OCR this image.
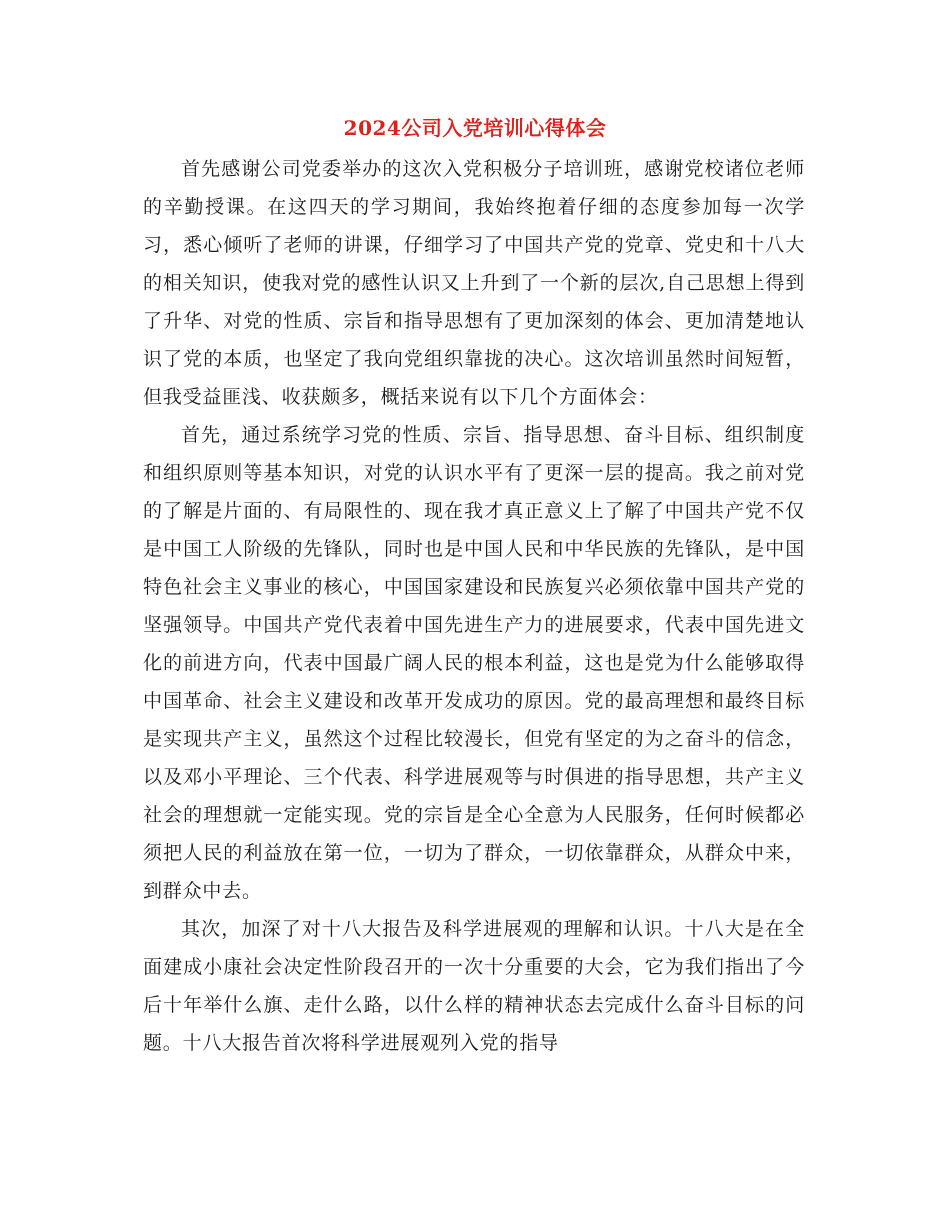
2024公司入党培训心得体会

首先感谢公司党委举办的这次入党积极分子培训班，感谢党校诸位老师的辛勤授课。在这四天的学习期间，我始终抱着仔细的态度参加每一次学习，悉心倾听了老师的讲课，仔细学习了中国共产党的党章、党史和十八大的相关知识，使我对党的感性认识又上升到了一个新的层次,自己思想上得到了升华、对党的性质、宗旨和指导思想有了更加深刻的体会、更加清楚地认识了党的本质，也坚定了我向党组织靠拢的决心。这次培训虽然时间短暂，但我受益匪浅、收获颇多，概括来说有以下几个方面体会：

首先，通过系统学习党的性质、宗旨、指导思想、奋斗目标、组织制度和组织原则等基本知识，对党的认识水平有了更深一层的提高。我之前对党的了解是片面的、有局限性的、现在我才真正意义上了解了中国共产党不仅是中国工人阶级的先锋队，同时也是中国人民和中华民族的先锋队，是中国特色社会主义事业的核心，中国国家建设和民族复兴必须依靠中国共产党的坚强领导。中国共产党代表着中国先进生产力的进展要求，代表中国先进文化的前进方向，代表中国最广阔人民的根本利益，这也是党为什么能够取得中国革命、社会主义建设和改革开发成功的原因。党的最高理想和最终目标是实现共产主义，虽然这个过程比较漫长，但党有坚定的为之奋斗的信念，以及邓小平理论、三个代表、科学进展观等与时俱进的指导思想，共产主义社会的理想就一定能实现。党的宗旨是全心全意为人民服务，任何时候都必须把人民的利益放在第一位，一切为了群众，一切依靠群众，从群众中来，到群众中去。

其次，加深了对十八大报告及科学进展观的理解和认识。十八大是在全面建成小康社会决定性阶段召开的一次十分重要的大会，它为我们指出了今后十年举什么旗、走什么路，以什么样的精神状态去完成什么奋斗目标的问题。十八大报告首次将科学进展观列入党的指导
